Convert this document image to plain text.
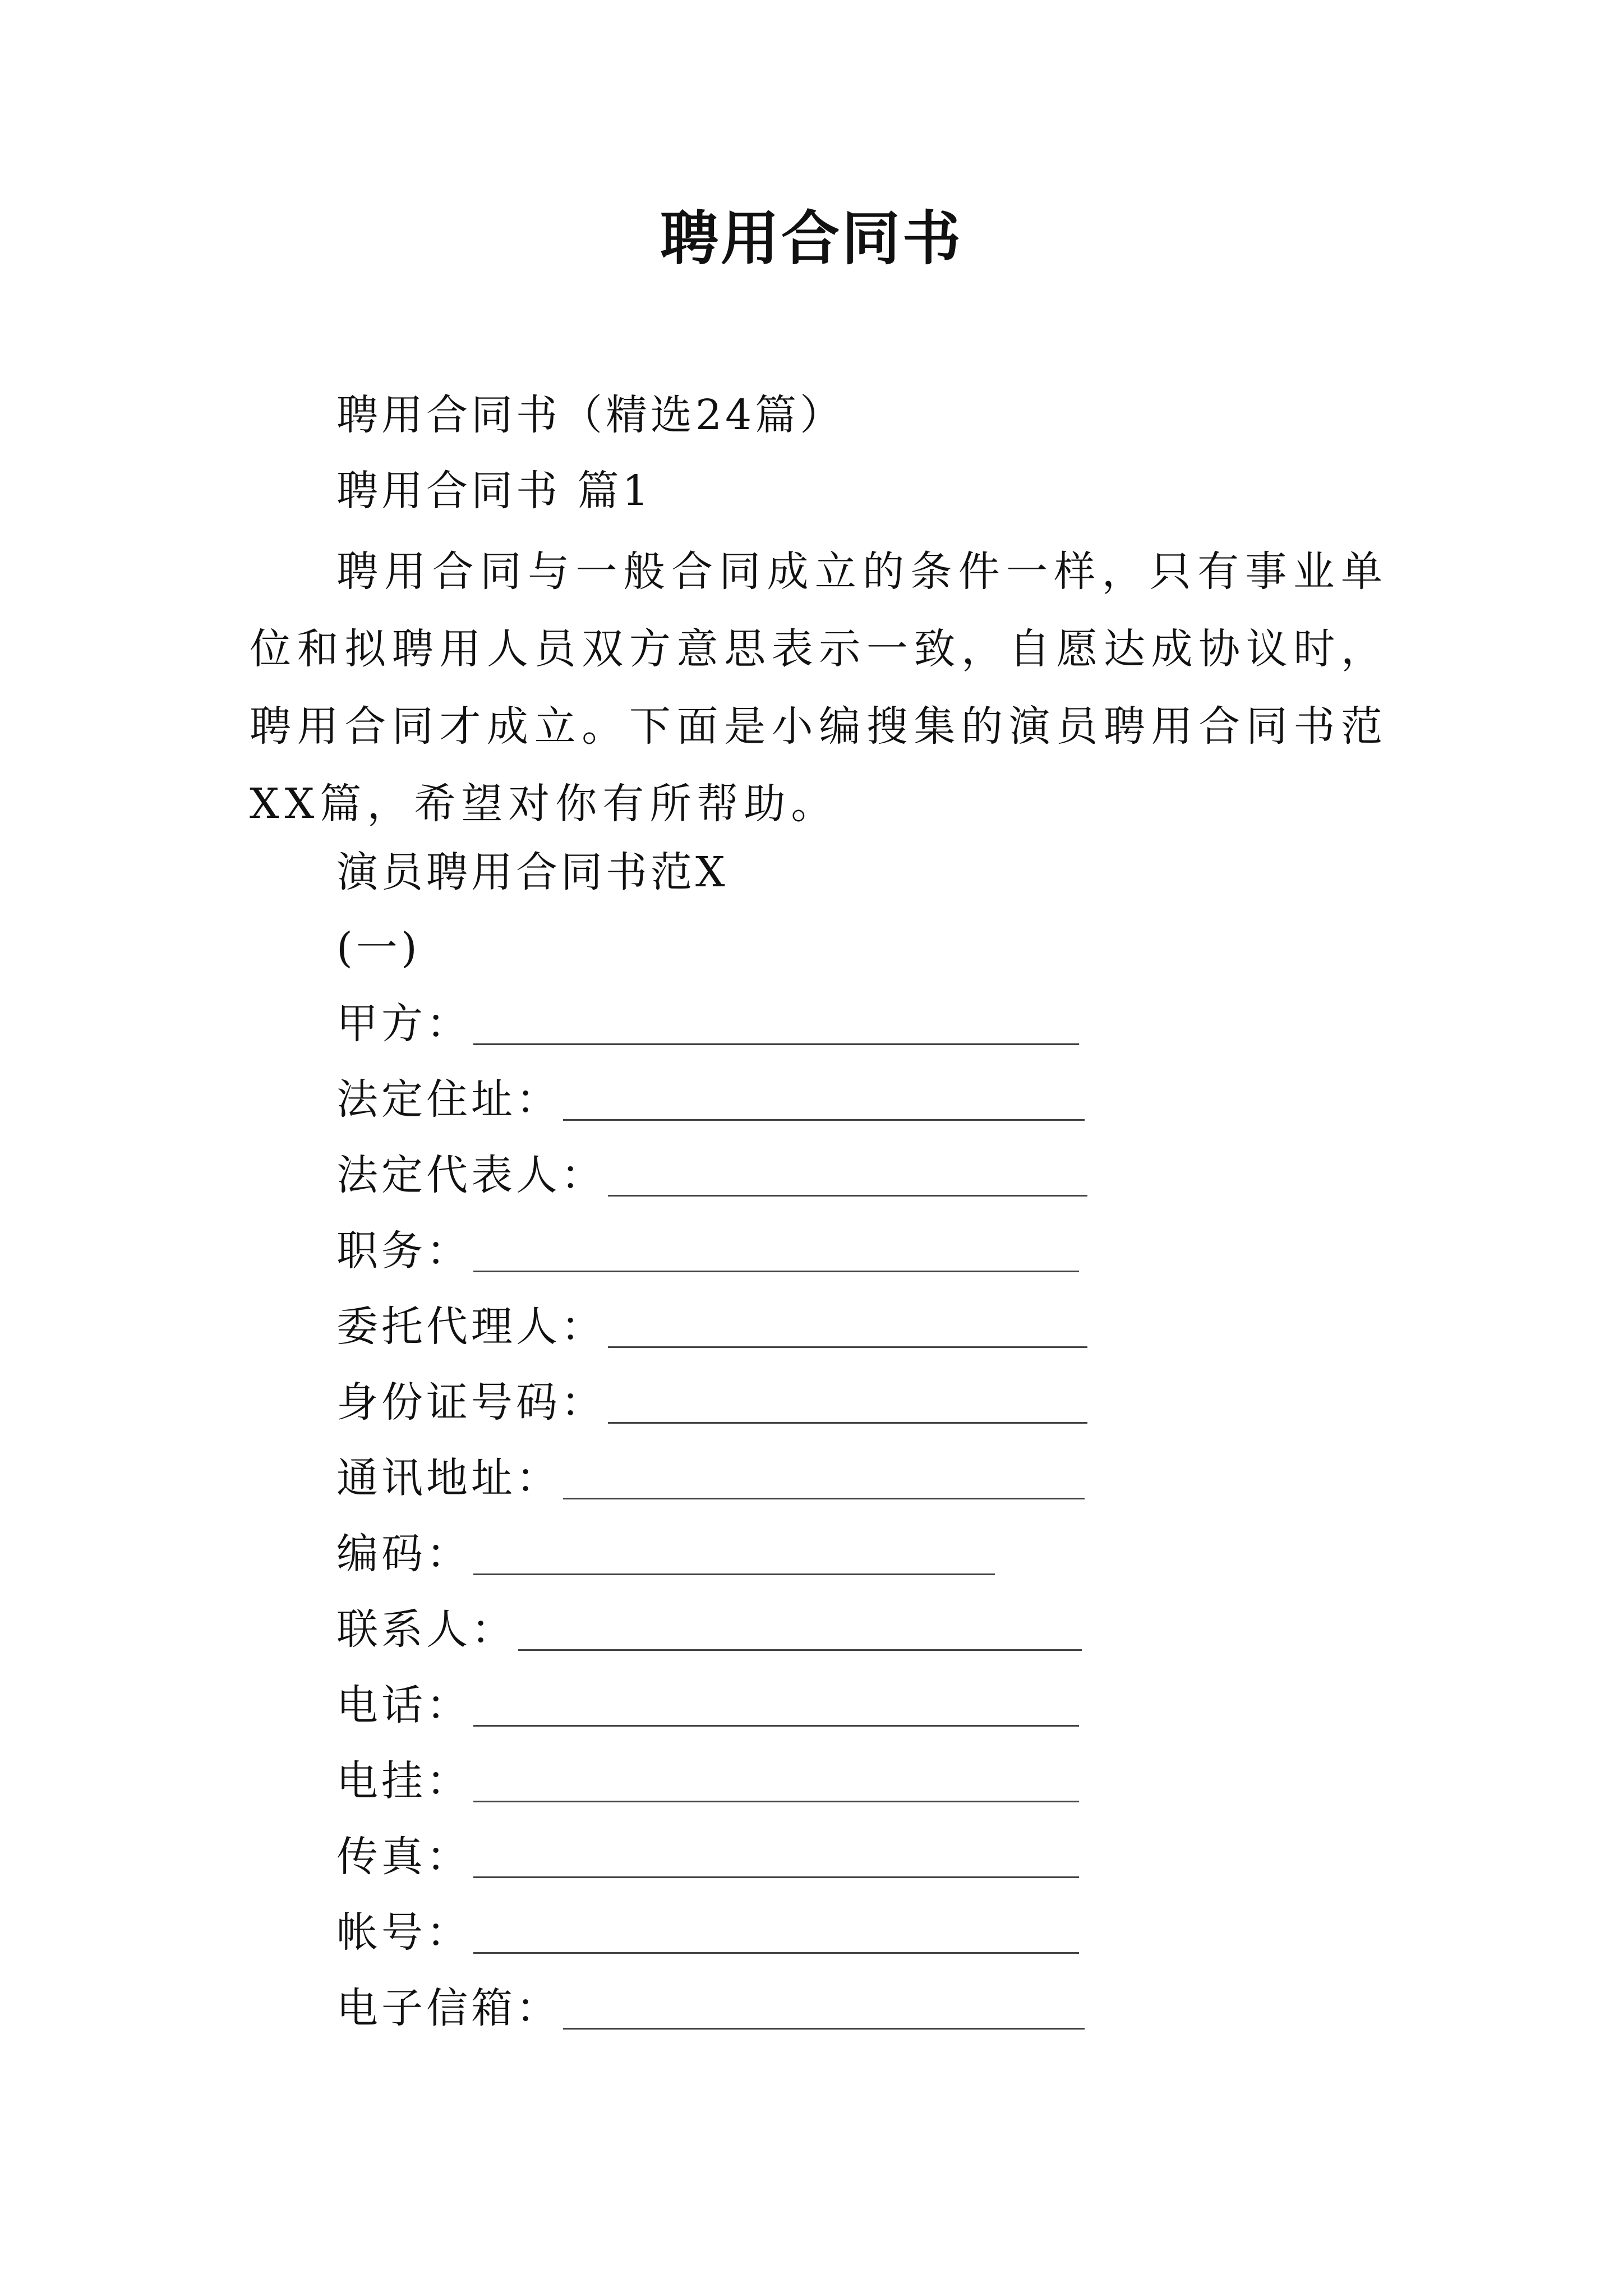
聘用合同书
聘用合同书（精选24篇）
聘用合同书 篇1
聘用合同与一般合同成立的条件一样，只有事业单位和拟聘用人员双方意思表示一致，自愿达成协议时，聘用合同才成立。下面是小编搜集的演员聘用合同书范XX篇，希望对你有所帮助。
演员聘用合同书范X
(一)
甲方：
法定住址：
法定代表人：
职务：
委托代理人：
身份证号码：
通讯地址：
编码：
联系人：
电话：
电挂：
传真：
帐号：
电子信箱：
